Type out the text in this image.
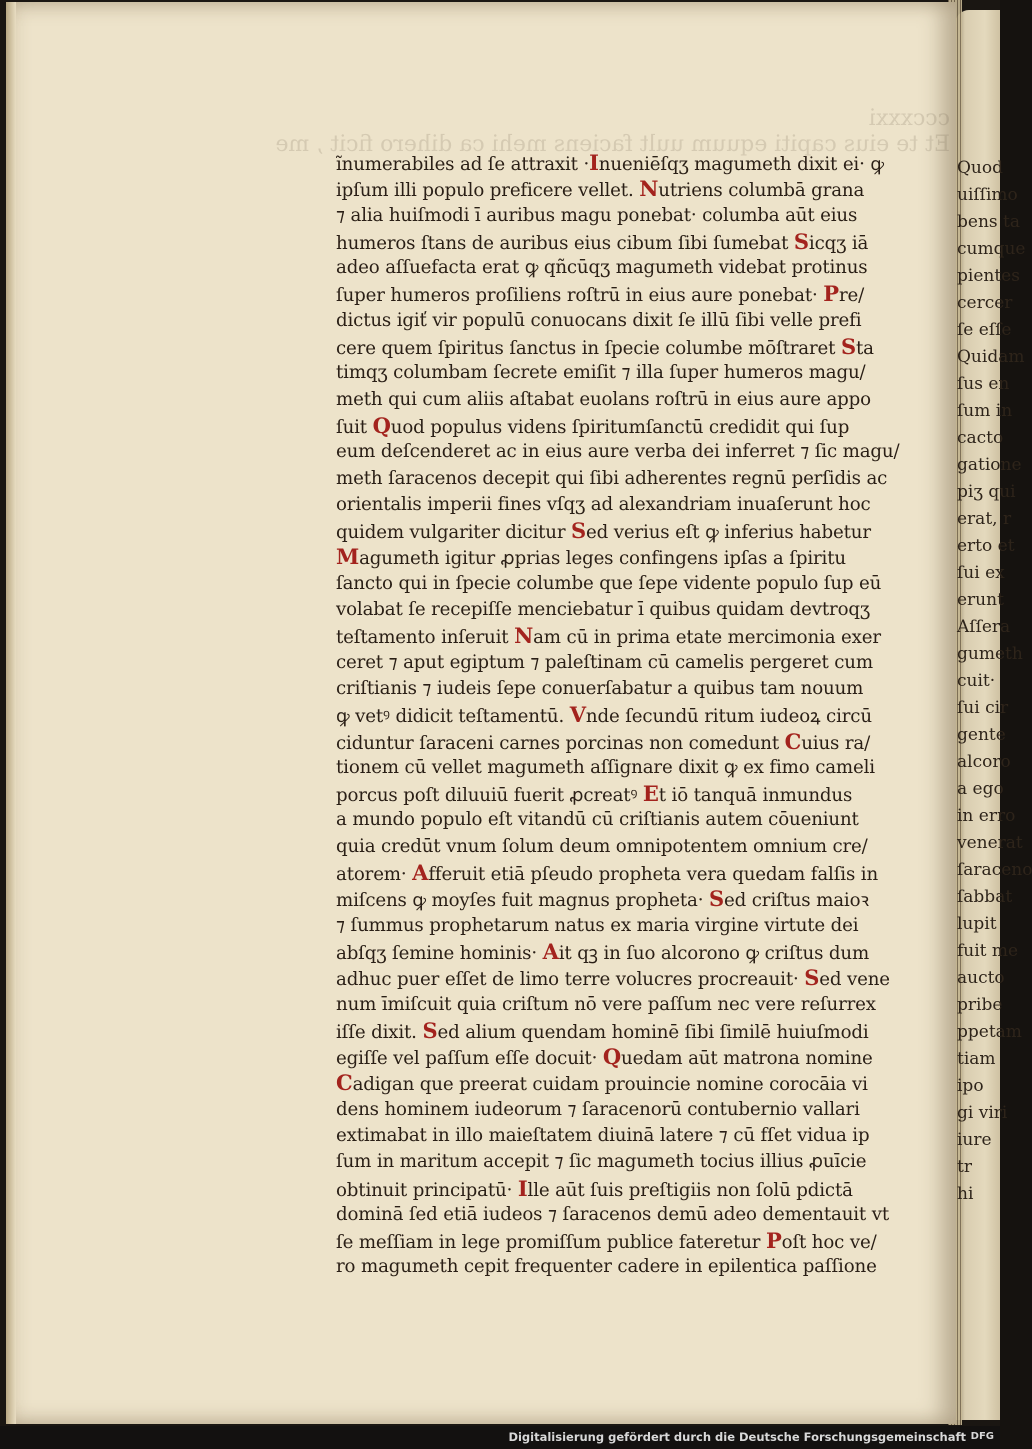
cccxxxi
Et te eius capiti equum uult faciens mehi ca dihero ficit , me
ĩnumerabiles ad ſe attraxit ·Inueniēſqʒ magumeth dixit ei· ꝙ
ipſum illi populo preficere vellet. Nutriens columbā grana
⁊ alia huiſmodi ī auribus magu ponebat· columba aūt eius
humeros ſtans de auribus eius cibum ſibi ſumebat Sicqʒ iā
adeo aſſuefacta erat ꝙ qñcūqʒ magumeth videbat protinus
ſuper humeros proſiliens roſtrū in eius aure ponebat· Pre/
dictus igiť vir populū conuocans dixit ſe illū ſibi velle prefi
cere quem ſpiritus ſanctus in ſpecie columbe mōſtraret Sta
timqʒ columbam ſecrete emiſit ⁊ illa ſuper humeros magu/
meth qui cum aliis aſtabat euolans roſtrū in eius aure appo
ſuit Quod populus videns ſpiritumſanctū credidit qui ſup
eum deſcenderet ac in eius aure verba dei inferret ⁊ ſic magu/
meth ſaracenos decepit qui ſibi adherentes regnū perſidis ac
orientalis imperii fines vſqʒ ad alexandriam inuaſerunt hoc
quidem vulgariter dicitur Sed verius eſt ꝙ inferius habetur
Magumeth igitur ꝓprias leges confingens ipſas a ſpiritu
ſancto qui in ſpecie columbe que ſepe vidente populo ſup eū
volabat ſe recepiſſe menciebatur ī quibus quidam devtroqʒ
teſtamento inſeruit Nam cū in prima etate mercimonia exer
ceret ⁊ aput egiptum ⁊ paleſtinam cū camelis pergeret cum
criſtianis ⁊ iudeis ſepe conuerſabatur a quibus tam nouum
ꝙ vetꝰ didicit teſtamentū. Vnde ſecundū ritum iudeoꝝ circū
ciduntur ſaraceni carnes porcinas non comedunt Cuius ra/
tionem cū vellet magumeth aſſignare dixit ꝙ ex fimo cameli
porcus poſt diluuiū fuerit ꝓcreatꝰ Et iō tanquā inmundus
a mundo populo eſt vitandū cū criſtianis autem cōueniunt
quia credūt vnum ſolum deum omnipotentem omnium cre/
atorem· Afferuit etiā pſeudo propheta vera quedam falſis in
miſcens ꝙ moyſes fuit magnus propheta· Sed criſtus maioꝛ
⁊ ſummus prophetarum natus ex maria virgine virtute dei
abſqʒ ſemine hominis· Ait qꝫ in ſuo alcorono ꝙ criſtus dum
adhuc puer eſſet de limo terre volucres procreauit· Sed vene
num īmiſcuit quia criſtum nō vere paſſum nec vere reſurrex
iſſe dixit. Sed alium quendam hominē ſibi ſimilē huiuſmodi
egiſſe vel paſſum eſſe docuit· Quedam aūt matrona nomine
Cadigan que preerat cuidam prouincie nomine corocāia vi
dens hominem iudeorum ⁊ ſaracenorū contubernio vallari
extimabat in illo maieſtatem diuinā latere ⁊ cū fſet vidua ip
ſum in maritum accepit ⁊ ſic magumeth tocius illius ꝓuīcie
obtinuit principatū· Ille aūt ſuis preſtigiis non ſolū pdictā
dominā ſed etiā iudeos ⁊ ſaracenos demū adeo dementauit vt
ſe meſſiam in lege promiſſum publice fateretur Poſt hoc ve/
ro magumeth cepit frequenter cadere in epilentica paſſione
Quod
uiſſimo
bens ta
cumque
pientes
cercer
ſe eſſe
Quidam
ſus en
ſum in
cacto
gatione
piʒ qui
erat, r
erto et
ſui ex
erunt
Aſſera
gumeth
cuit·
ſui cir
gente
alcoro
a ego
in erro
venerat
ſaraceno
ſabbat
lupit
fuit me
aucto
pribe
ppetam
tiam
ipo
gi viri
iure
tr
hi
Digitalisierung gefördert durch die Deutsche Forschungsgemeinschaft DFG
